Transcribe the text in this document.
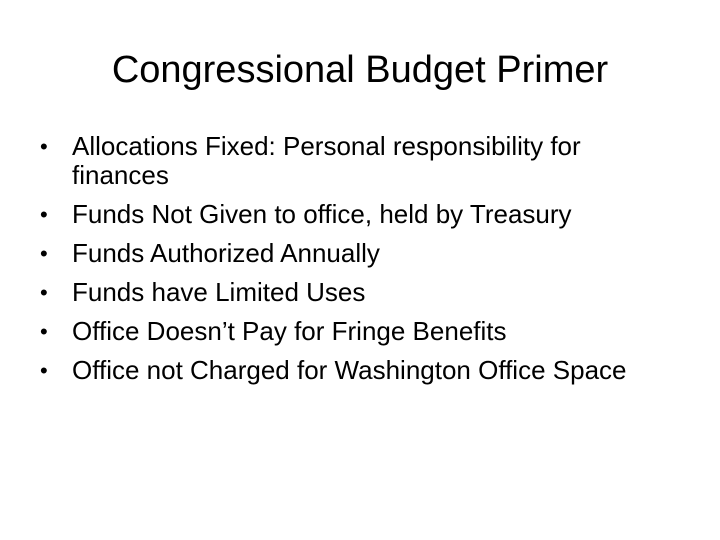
Congressional Budget Primer
• Allocations Fixed: Personal responsibility for finances
• Funds Not Given to office, held by Treasury
• Funds Authorized Annually
• Funds have Limited Uses
• Office Doesn’t Pay for Fringe Benefits
• Office not Charged for Washington Office Space
